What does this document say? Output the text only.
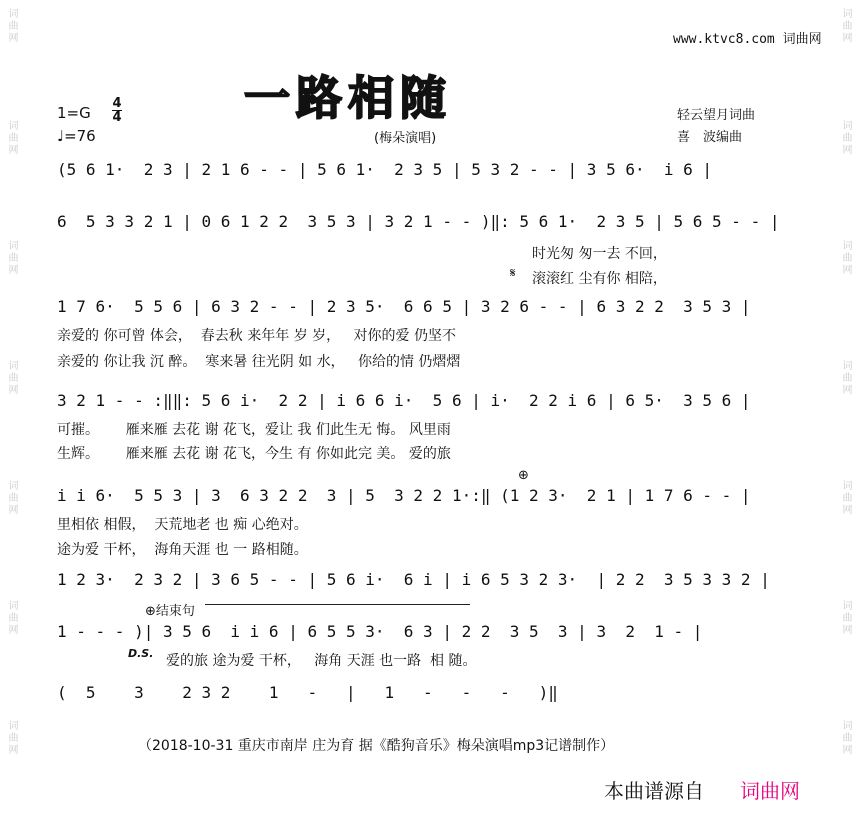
词曲网
词曲网
词曲网
词曲网
词曲网
词曲网
词曲网
词曲网
词曲网
词曲网
词曲网
词曲网
词曲网
词曲网
www.ktvc8.com 词曲网
一路相随
1=G
4
4
♩=76	(梅朵演唱)
轻云望月词曲
喜　波编曲
(5 6 1·  2 3 | 2 1 6 - - | 5 6 1·  2 3 5 | 5 3 2 - - | 3 5 6·  i 6 |
6  5 3 3 2 1 | 0 6 1 2 2  3 5 3 | 3 2 1 - - )‖: 5 6 1·  2 3 5 | 5 6 5 - - |
时光匆 匆一去 不回，
𝄋 滚滚红 尘有你 相陪，
1 7 6·  5 5 6 | 6 3 2 - - | 2 3 5·  6 6 5 | 3 2 6 - - | 6 3 2 2  3 5 3 |
亲爱的 你可曾 体会，  春去秋 来年年 岁 岁，   对你的爱 仍坚不
亲爱的 你让我 沉 醉。  寒来暑 往光阴 如 水，   你给的情 仍熠熠
3 2 1 - - :‖‖: 5 6 i·  2 2 | i 6 6 i·  5 6 | i·  2 2 i 6 | 6 5·  3 5 6 |
可摧。      雁来雁 去花 谢 花飞，爱让 我 们此生无 悔。 风里雨
生辉。      雁来雁 去花 谢 花飞，今生 有 你如此完 美。 爱的旅
⊕
i i 6·  5 5 3 | 3  6 3 2 2  3 | 5  3 2 2 1·:‖ (1 2 3·  2 1 | 1 7 6 - - |
里相依 相假，  天荒地老 也 痴 心绝对。
途为爱 干杯，  海角天涯 也 一 路相随。
1 2 3·  2 3 2 | 3 6 5 - - | 5 6 i·  6 i | i 6 5 3 2 3·  | 2 2  3 5 3 3 2 |
⊕结束句
1 - - - )| 3 5 6  i i 6 | 6 5 5 3·  6 3 | 2 2  3 5  3 | 3  2  1 - |
D.S. 爱的旅 途为爱 干杯，   海角 天涯 也一路  相 随。
(  5    3    2 3 2    1   -   |   1   -   -   -   )‖
（2018-10-31 重庆市南岸 庄为育 据《酷狗音乐》梅朵演唱mp3记谱制作）
本曲谱源自 词曲网
